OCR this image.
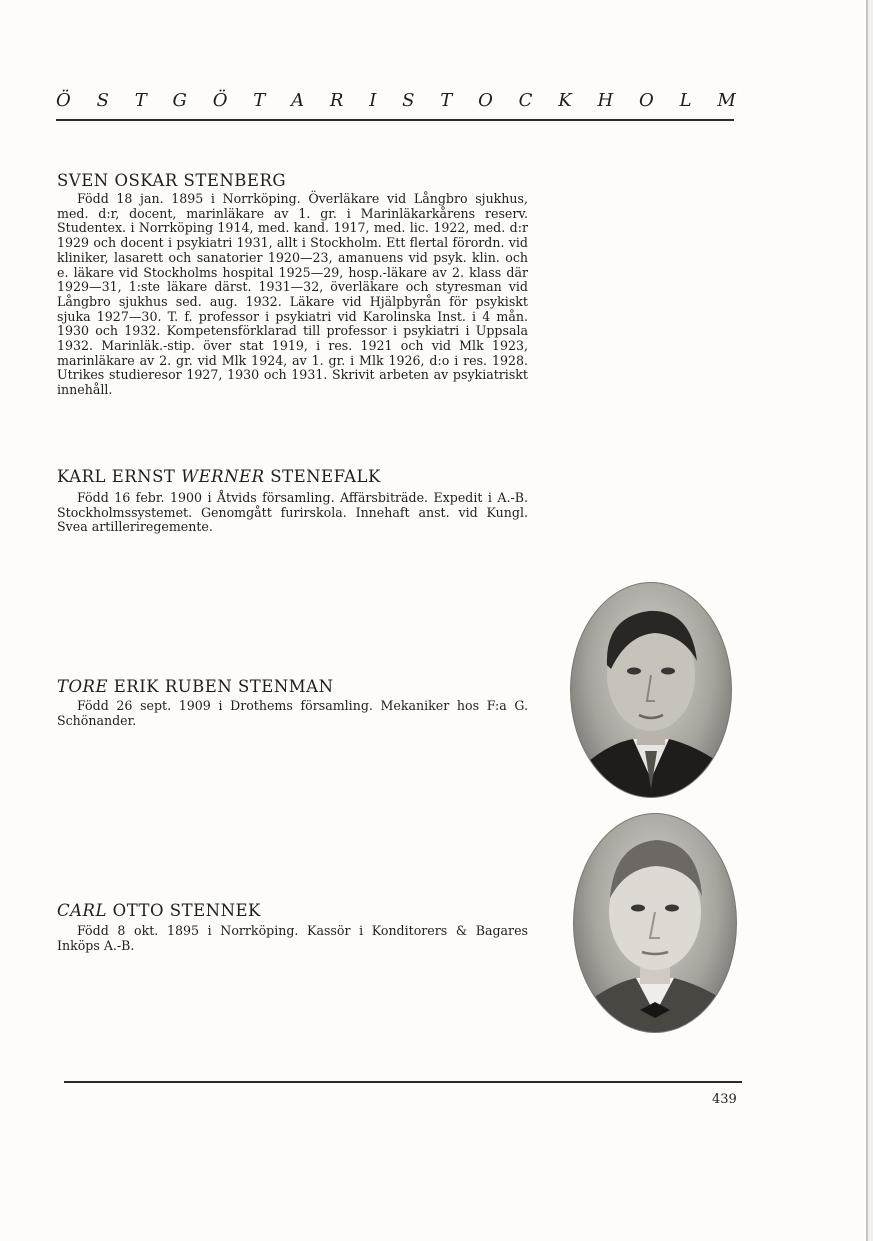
Ö S T G Ö T A R I S T O C K H O L M
SVEN OSKAR STENBERG
Född 18 jan. 1895 i Norrköping. Överläkare vid Långbro sjukhus, med. d:r, docent, marinläkare av 1. gr. i Marinläkarkårens reserv. Studentex. i Norrköping 1914, med. kand. 1917, med. lic. 1922, med. d:r 1929 och docent i psykiatri 1931, allt i Stockholm. Ett flertal förordn. vid kliniker, lasarett och sanatorier 1920—23, amanuens vid psyk. klin. och e. läkare vid Stockholms hospital 1925—29, hosp.-läkare av 2. klass där 1929—31, 1:ste läkare därst. 1931—32, överläkare och styresman vid Långbro sjukhus sed. aug. 1932. Läkare vid Hjälpbyrån för psykiskt sjuka 1927—30. T. f. professor i psykiatri vid Karolinska Inst. i 4 mån. 1930 och 1932. Kompetensförklarad till professor i psykiatri i Uppsala 1932. Marinläk.-stip. över stat 1919, i res. 1921 och vid Mlk 1923, marinläkare av 2. gr. vid Mlk 1924, av 1. gr. i Mlk 1926, d:o i res. 1928. Utrikes studieresor 1927, 1930 och 1931. Skrivit arbeten av psykiatriskt innehåll.
KARL ERNST WERNER STENEFALK
Född 16 febr. 1900 i Åtvids församling. Affärsbiträde. Expedit i A.-B. Stockholmssystemet. Genomgått furirskola. Innehaft anst. vid Kungl. Svea artilleriregemente.
TORE ERIK RUBEN STENMAN
Född 26 sept. 1909 i Drothems församling. Mekaniker hos F:a G. Schönander.
CARL OTTO STENNEK
Född 8 okt. 1895 i Norrköping. Kassör i Konditorers & Bagares Inköps A.-B.
439
